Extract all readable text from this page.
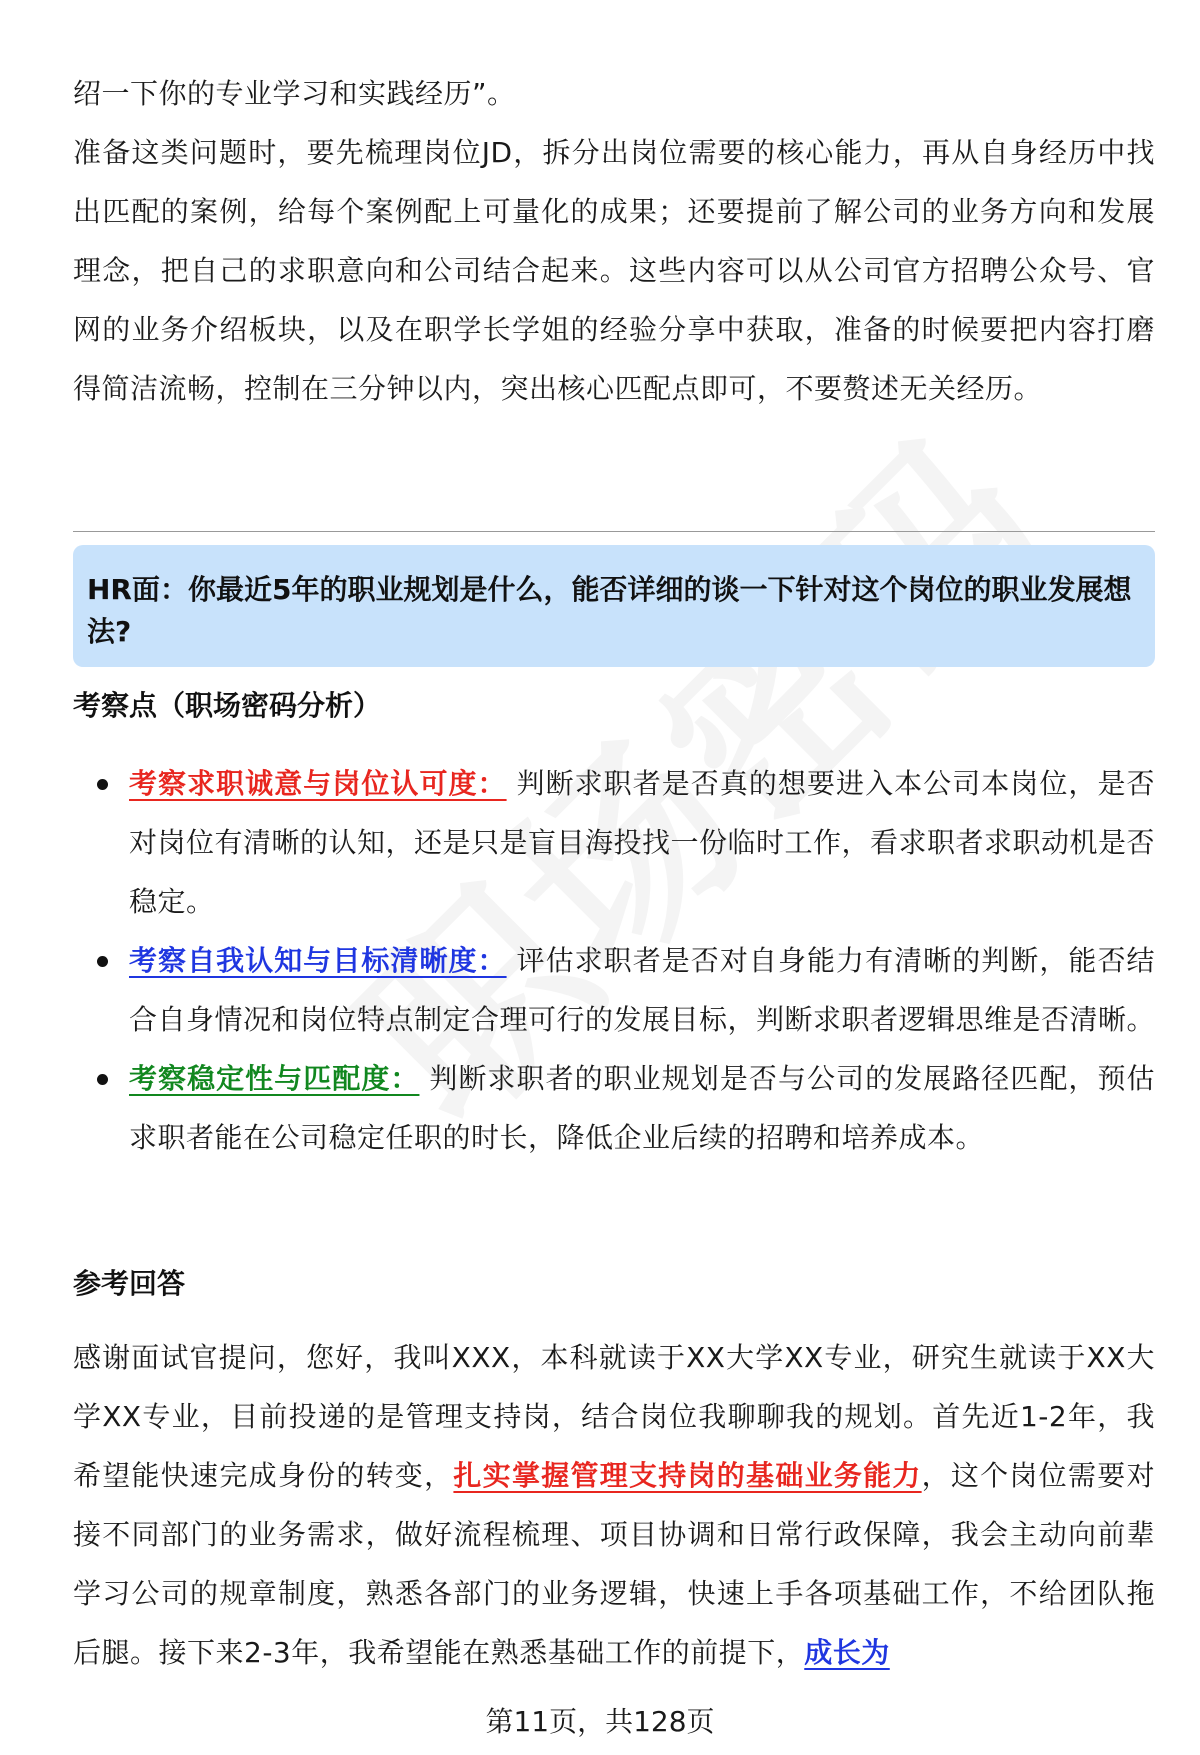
绍一下你的专业学习和实践经历”。

准备这类问题时，要先梳理岗位JD，拆分出岗位需要的核心能力，再从自身经历中找出匹配的案例，给每个案例配上可量化的成果；还要提前了解公司的业务方向和发展理念，把自己的求职意向和公司结合起来。这些内容可以从公司官方招聘公众号、官网的业务介绍板块，以及在职学长学姐的经验分享中获取，准备的时候要把内容打磨得简洁流畅，控制在三分钟以内，突出核心匹配点即可，不要赘述无关经历。

HR面：你最近5年的职业规划是什么，能否详细的谈一下针对这个岗位的职业发展想法?
考察点（职场密码分析）
考察求职诚意与岗位认可度： 判断求职者是否真的想要进入本公司本岗位，是否对岗位有清晰的认知，还是只是盲目海投找一份临时工作，看求职者求职动机是否稳定。
考察自我认知与目标清晰度： 评估求职者是否对自身能力有清晰的判断，能否结合自身情况和岗位特点制定合理可行的发展目标，判断求职者逻辑思维是否清晰。
考察稳定性与匹配度： 判断求职者的职业规划是否与公司的发展路径匹配，预估求职者能在公司稳定任职的时长，降低企业后续的招聘和培养成本。
参考回答

感谢面试官提问，您好，我叫XXX，本科就读于XX大学XX专业，研究生就读于XX大学XX专业，目前投递的是管理支持岗，结合岗位我聊聊我的规划。首先近1-2年，我希望能快速完成身份的转变，扎实掌握管理支持岗的基础业务能力，这个岗位需要对接不同部门的业务需求，做好流程梳理、项目协调和日常行政保障，我会主动向前辈学习公司的规章制度，熟悉各部门的业务逻辑，快速上手各项基础工作，不给团队拖后腿。接下来2-3年，我希望能在熟悉基础工作的前提下，成长为

第11页，共128页
